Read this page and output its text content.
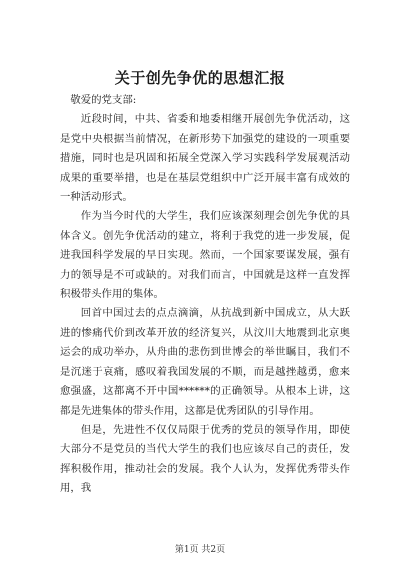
关于创先争优的思想汇报

敬爱的党支部:

近段时间，中共、省委和地委相继开展创先争优活动，这是党中央根据当前情况，在新形势下加强党的建设的一项重要措施，同时也是巩固和拓展全党深入学习实践科学发展观活动成果的重要举措，也是在基层党组织中广泛开展丰富有成效的一种活动形式。

作为当今时代的大学生，我们应该深刻理会创先争优的具体含义。创先争优活动的建立，将利于我党的进一步发展，促进我国科学发展的早日实现。然而，一个国家要谋发展，强有力的领导是不可或缺的。对我们而言，中国就是这样一直发挥积极带头作用的集体。

回首中国过去的点点滴滴，从抗战到新中国成立，从大跃进的惨痛代价到改革开放的经济复兴，从汶川大地震到北京奥运会的成功举办，从舟曲的悲伤到世博会的举世瞩目，我们不是沉迷于哀痛，感叹着我国发展的不顺，而是越挫越勇，愈来愈强盛，这都离不开中国******的正确领导。从根本上讲，这都是先进集体的带头作用，这都是优秀团队的引导作用。

但是，先进性不仅仅局限于优秀的党员的领导作用，即使大部分不是党员的当代大学生的我们也应该尽自己的责任，发挥积极作用，推动社会的发展。我个人认为，发挥优秀带头作用，我

第1页 共2页
